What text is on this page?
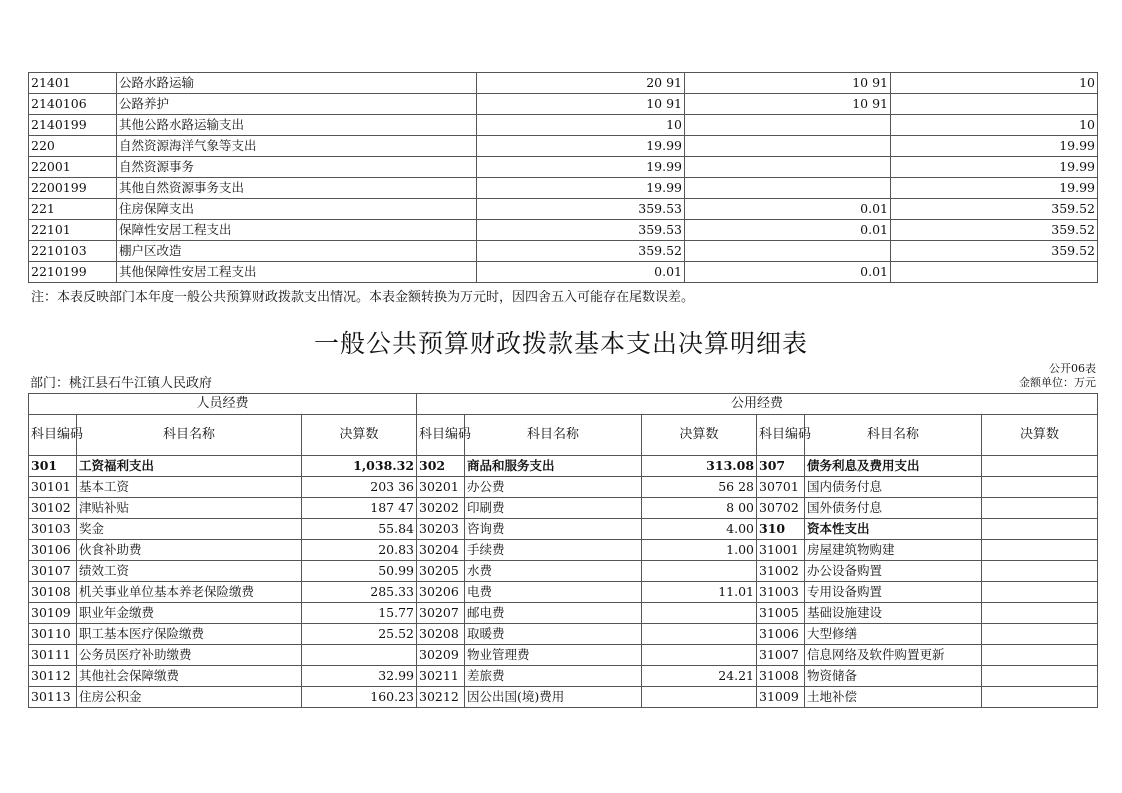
21401	公路水路运输	20 91	10 91	10
2140106	公路养护	10 91	10 91	
2140199	其他公路水路运输支出	10		10
220	自然资源海洋气象等支出	19.99		19.99
22001	自然资源事务	19.99		19.99
2200199	其他自然资源事务支出	19.99		19.99
221	住房保障支出	359.53	0.01	359.52
22101	保障性安居工程支出	359.53	0.01	359.52
2210103	棚户区改造	359.52		359.52
2210199	其他保障性安居工程支出	0.01	0.01	
注：本表反映部门本年度一般公共预算财政拨款支出情况。本表金额转换为万元时，因四舍五入可能存在尾数误差。
一般公共预算财政拨款基本支出决算明细表
公开06表
金额单位：万元
部门：桃江县石牛江镇人民政府
人员经费			公用经费					
科目编码	科目名称	决算数	科目编码	科目名称	决算数	科目编码	科目名称	决算数
301	工资福利支出	1,038.32	302	商品和服务支出	313.08	307	债务利息及费用支出	
30101	基本工资	203 36	30201	办公费	56 28	30701	国内债务付息	
30102	津贴补贴	187 47	30202	印刷费	8 00	30702	国外债务付息	
30103	奖金	55.84	30203	咨询费	4.00	310	资本性支出	
30106	伙食补助费	20.83	30204	手续费	1.00	31001	房屋建筑物购建	
30107	绩效工资	50.99	30205	水费		31002	办公设备购置	
30108	机关事业单位基本养老保险缴费	285.33	30206	电费	11.01	31003	专用设备购置	
30109	职业年金缴费	15.77	30207	邮电费		31005	基础设施建设	
30110	职工基本医疗保险缴费	25.52	30208	取暖费		31006	大型修缮	
30111	公务员医疗补助缴费		30209	物业管理费		31007	信息网络及软件购置更新	
30112	其他社会保障缴费	32.99	30211	差旅费	24.21	31008	物资储备	
30113	住房公积金	160.23	30212	因公出国(境)费用		31009	土地补偿	
